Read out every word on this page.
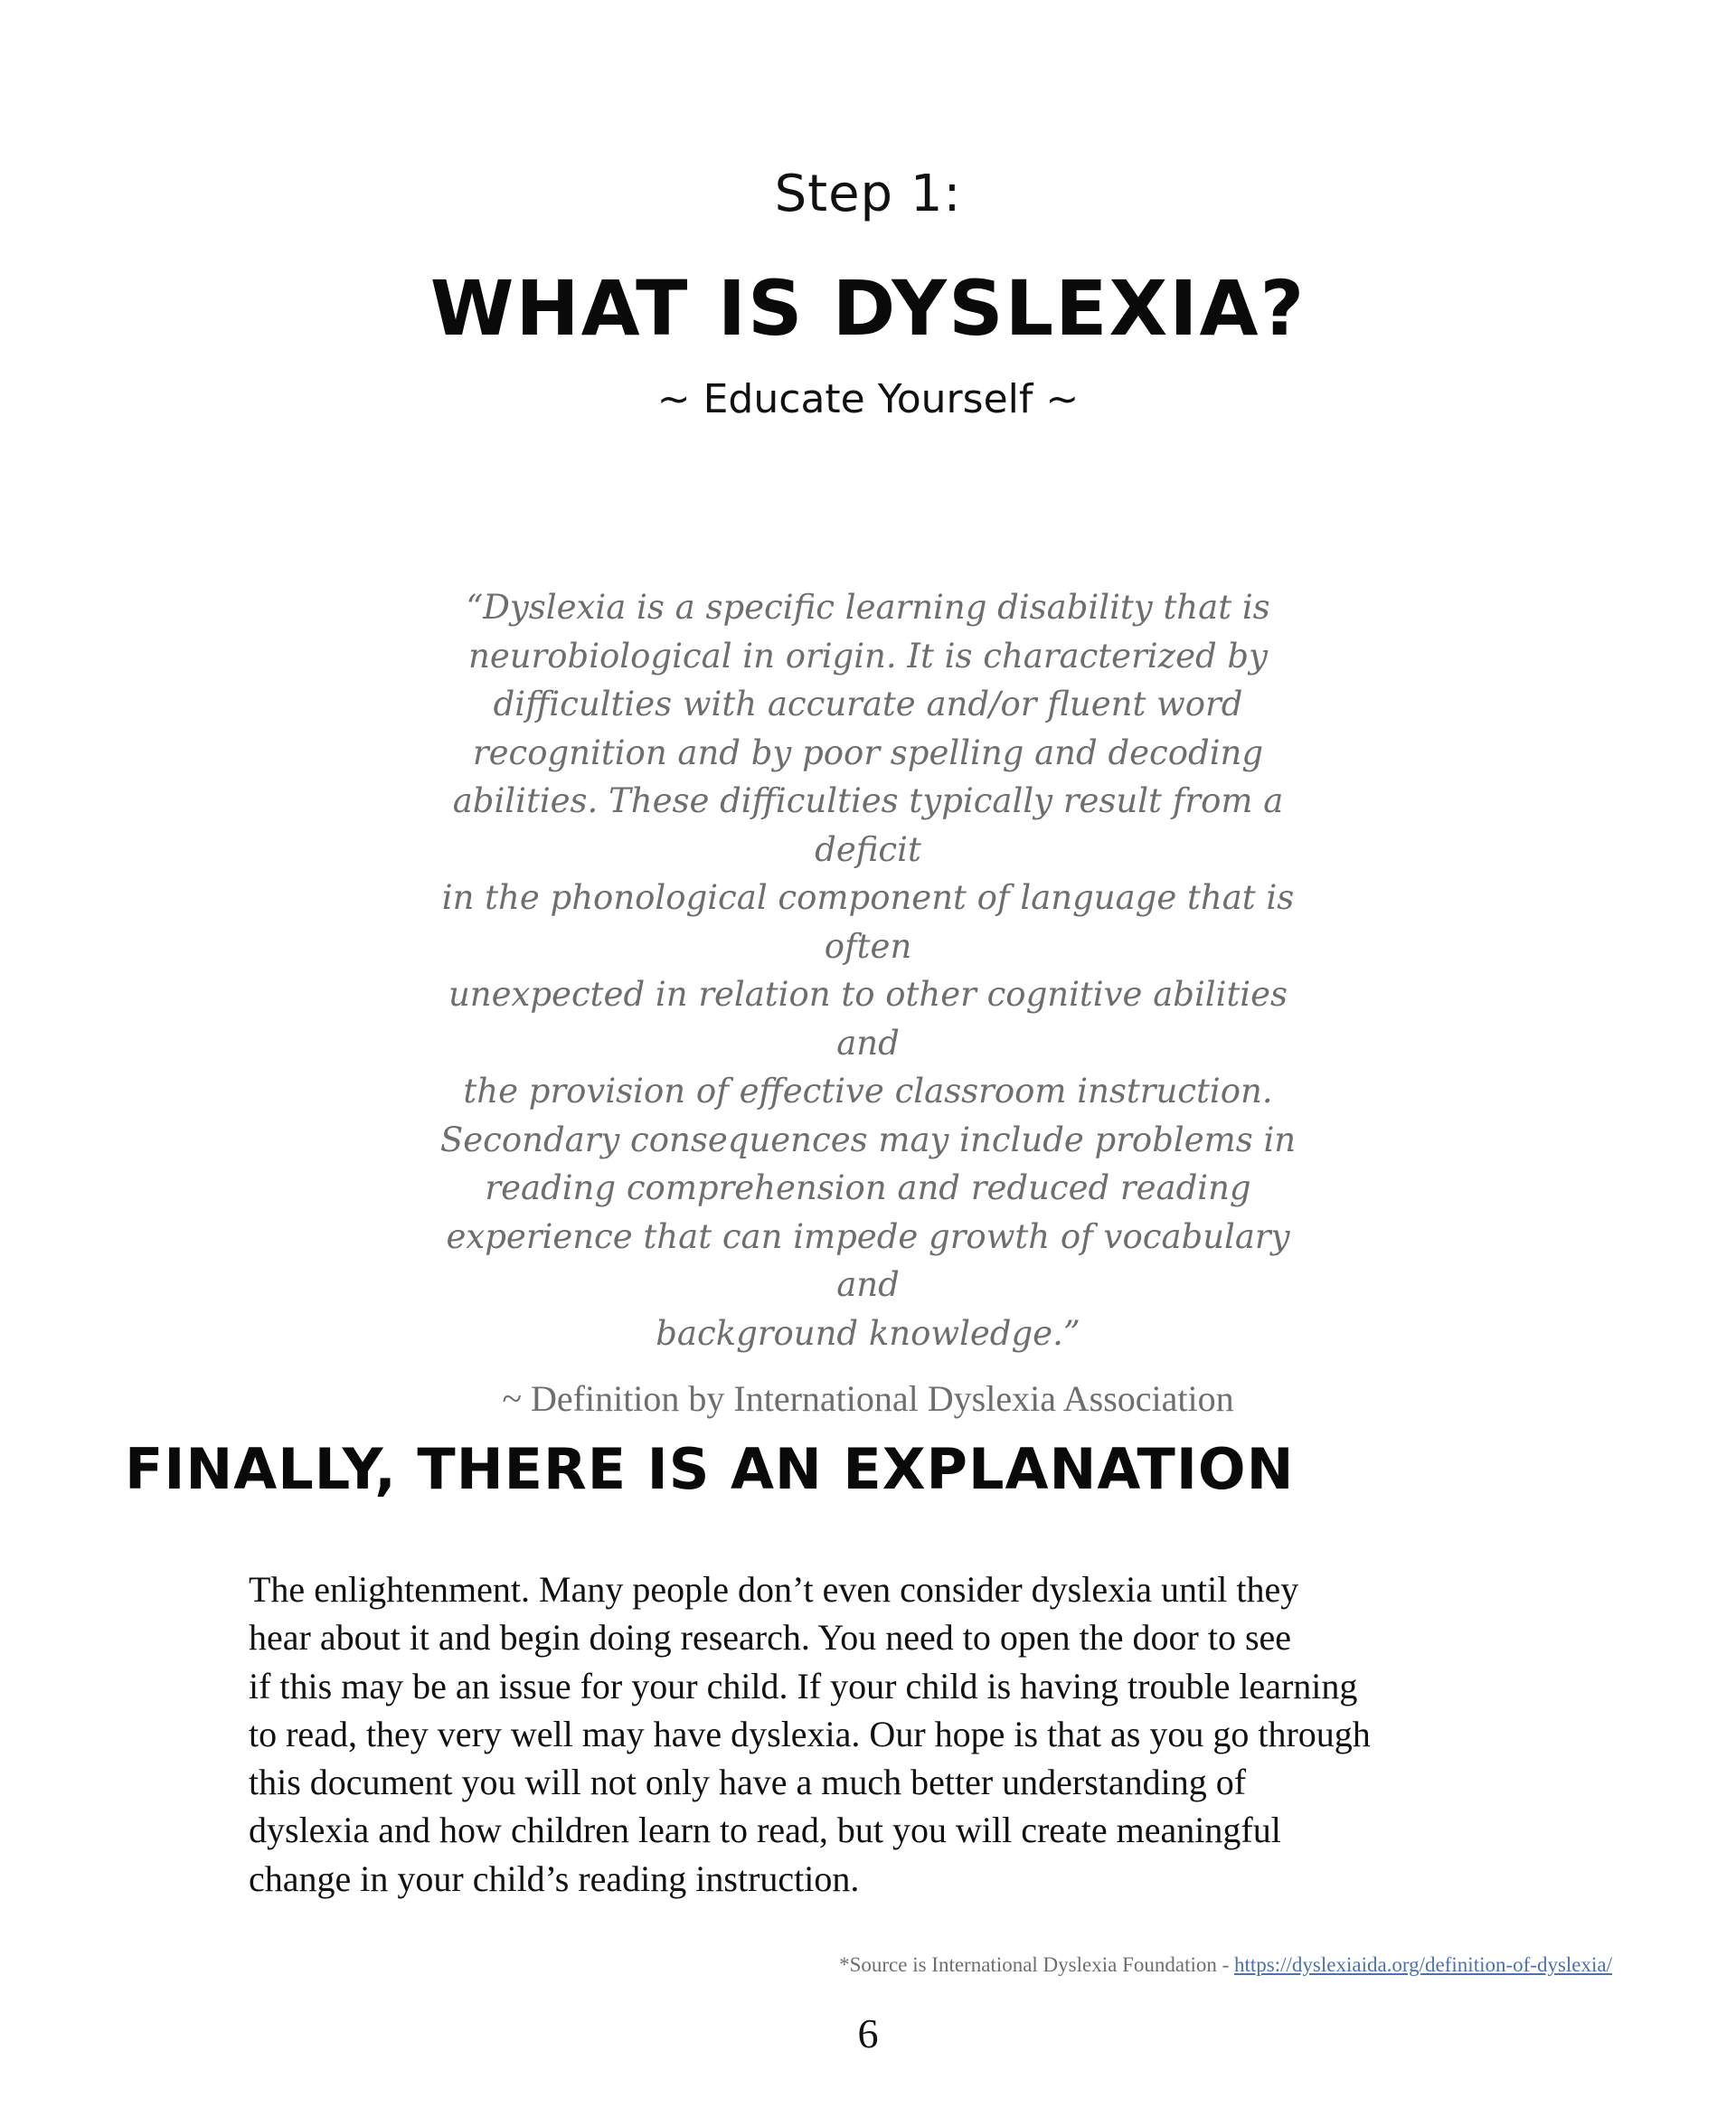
Step 1:
WHAT IS DYSLEXIA?
~ Educate Yourself ~

“Dyslexia is a specific learning disability that is
neurobiological in origin. It is characterized by
difficulties with accurate and/or fluent word
recognition and by poor spelling and decoding
abilities. These difficulties typically result from a deficit
in the phonological component of language that is often
unexpected in relation to other cognitive abilities and
the provision of effective classroom instruction.
Secondary consequences may include problems in
reading comprehension and reduced reading
experience that can impede growth of vocabulary and
background knowledge.”

~ Definition by International Dyslexia Association
FINALLY, THERE IS AN EXPLANATION

The enlightenment. Many people don’t even consider dyslexia until they
hear about it and begin doing research. You need to open the door to see
if this may be an issue for your child. If your child is having trouble learning
to read, they very well may have dyslexia. Our hope is that as you go through
this document you will not only have a much better understanding of
dyslexia and how children learn to read, but you will create meaningful
change in your child’s reading instruction.

*Source is International Dyslexia Foundation - https://dyslexiaida.org/definition-of-dyslexia/
6
